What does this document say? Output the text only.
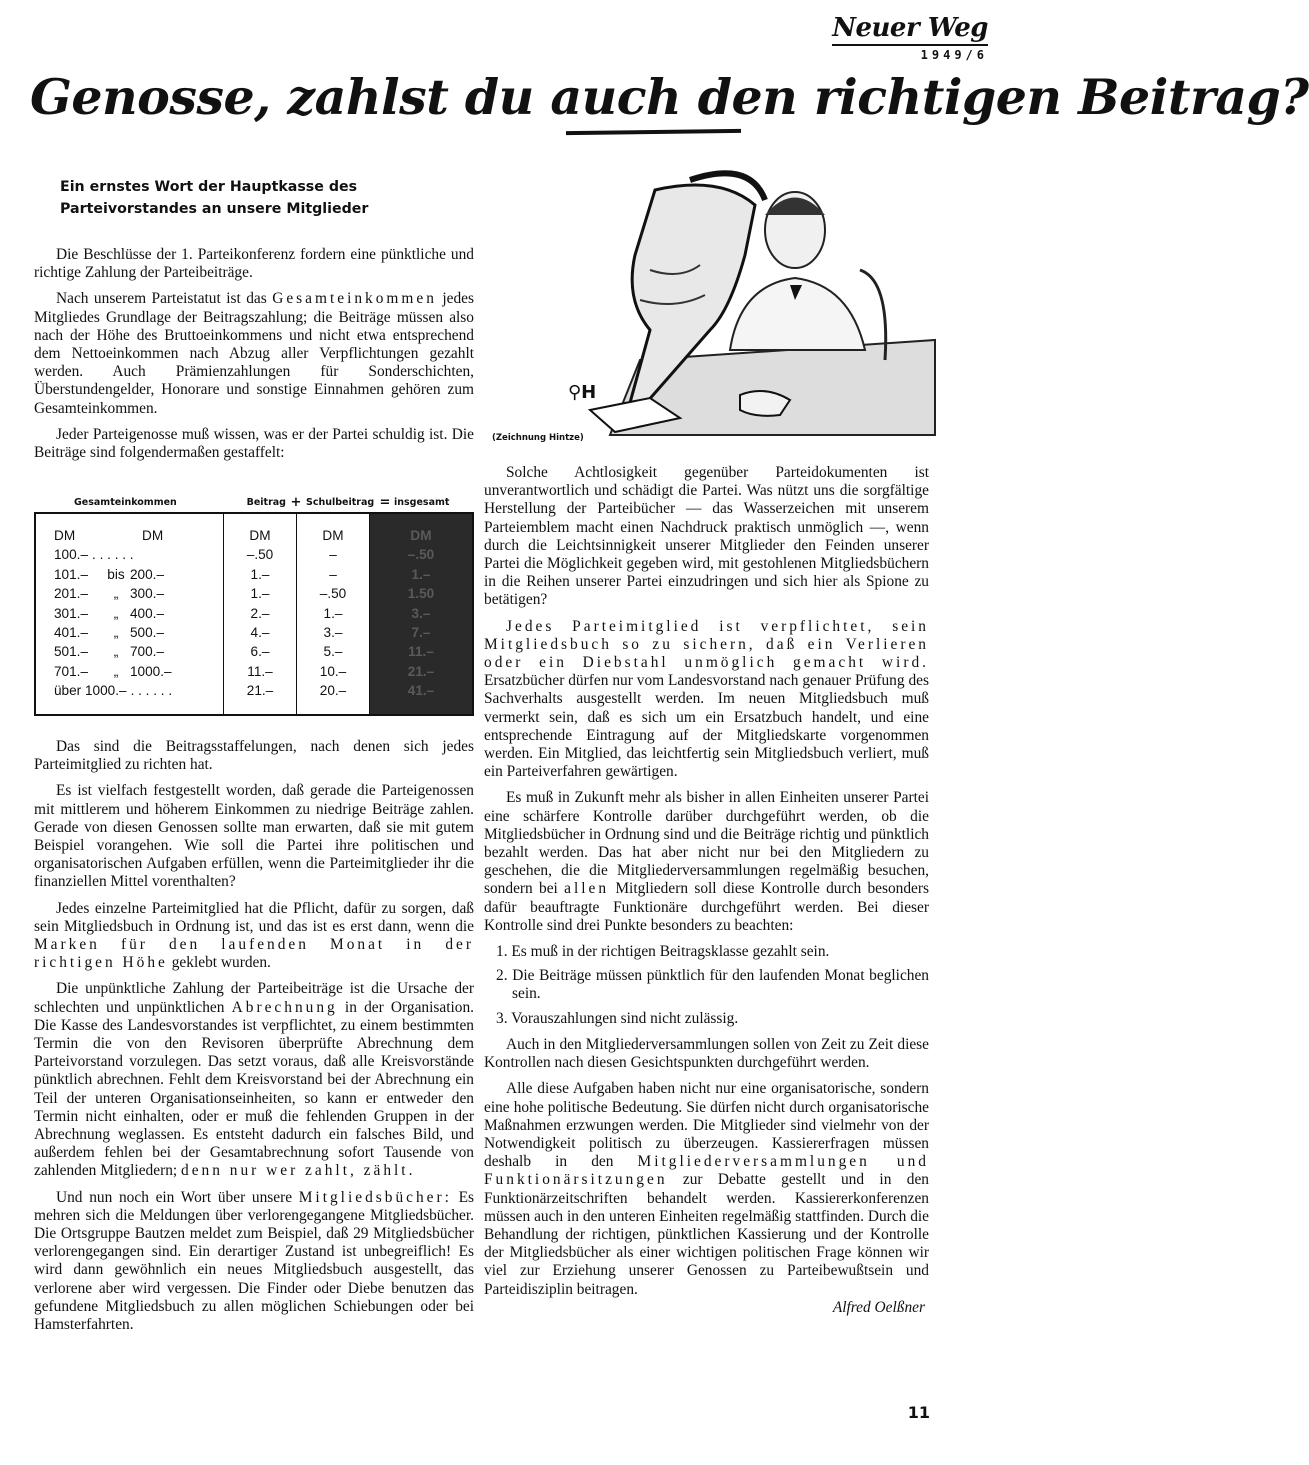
Neuer Weg
1949/6
Genosse, zahlst du auch den richtigen Beitrag?
Ein ernstes Wort der Hauptkasse des Parteivorstandes an unsere Mitglieder

Die Beschlüsse der 1. Parteikonferenz fordern eine pünktliche und richtige Zahlung der Parteibeiträge.

Nach unserem Parteistatut ist das Gesamteinkommen jedes Mitgliedes Grundlage der Beitragszahlung; die Beiträge müssen also nach der Höhe des Bruttoeinkommens und nicht etwa entsprechend dem Nettoeinkommen nach Abzug aller Verpflichtungen gezahlt werden. Auch Prämienzahlungen für Sonderschichten, Überstundengelder, Honorare und sonstige Einnahmen gehören zum Gesamteinkommen.

Jeder Parteigenosse muß wissen, was er der Partei schuldig ist. Die Beiträge sind folgendermaßen gestaffelt:

Gesamteinkommen	Beitrag + Schulbeitrag = insgesamt
DM	DM
100.– . . . . . .
101.– bis 200.–
201.– „ 300.–
301.– „ 400.–
401.– „ 500.–
501.– „ 700.–
701.– „ 1000.–
über 1000.– . . . . . .
DM
–.50
1.–
1.–
2.–
4.–
6.–
11.–
21.–
DM
–
–
–.50
1.–
3.–
5.–
10.–
20.–
DM
–.50
1.–
1.50
3.–
7.–
11.–
21.–
41.–

Das sind die Beitragsstaffelungen, nach denen sich jedes Parteimitglied zu richten hat.

Es ist vielfach festgestellt worden, daß gerade die Parteigenossen mit mittlerem und höherem Einkommen zu niedrige Beiträge zahlen. Gerade von diesen Genossen sollte man erwarten, daß sie mit gutem Beispiel vorangehen. Wie soll die Partei ihre politischen und organisatorischen Aufgaben erfüllen, wenn die Parteimitglieder ihr die finanziellen Mittel vorenthalten?

Jedes einzelne Parteimitglied hat die Pflicht, dafür zu sorgen, daß sein Mitgliedsbuch in Ordnung ist, und das ist es erst dann, wenn die Marken für den laufenden Monat in der richtigen Höhe geklebt wurden.

Die unpünktliche Zahlung der Parteibeiträge ist die Ursache der schlechten und unpünktlichen Abrechnung in der Organisation. Die Kasse des Landesvorstandes ist verpflichtet, zu einem bestimmten Termin die von den Revisoren überprüfte Abrechnung dem Parteivorstand vorzulegen. Das setzt voraus, daß alle Kreisvorstände pünktlich abrechnen. Fehlt dem Kreisvorstand bei der Abrechnung ein Teil der unteren Organisationseinheiten, so kann er entweder den Termin nicht einhalten, oder er muß die fehlenden Gruppen in der Abrechnung weglassen. Es entsteht dadurch ein falsches Bild, und außerdem fehlen bei der Gesamtabrechnung sofort Tausende von zahlenden Mitgliedern; denn nur wer zahlt, zählt.

Und nun noch ein Wort über unsere Mitgliedsbücher: Es mehren sich die Meldungen über verlorengegangene Mitgliedsbücher. Die Ortsgruppe Bautzen meldet zum Beispiel, daß 29 Mitgliedsbücher verlorengegangen sind. Ein derartiger Zustand ist unbegreiflich! Es wird dann gewöhnlich ein neues Mitgliedsbuch ausgestellt, das verlorene aber wird vergessen. Die Finder oder Diebe benutzen das gefundene Mitgliedsbuch zu allen möglichen Schiebungen oder bei Hamsterfahrten.

⚲H
(Zeichnung Hintze)

Solche Achtlosigkeit gegenüber Parteidokumenten ist unverantwortlich und schädigt die Partei. Was nützt uns die sorgfältige Herstellung der Parteibücher — das Wasserzeichen mit unserem Parteiemblem macht einen Nachdruck praktisch unmöglich —, wenn durch die Leichtsinnigkeit unserer Mitglieder den Feinden unserer Partei die Möglichkeit gegeben wird, mit gestohlenen Mitgliedsbüchern in die Reihen unserer Partei einzudringen und sich hier als Spione zu betätigen?

Jedes Parteimitglied ist verpflichtet, sein Mitgliedsbuch so zu sichern, daß ein Verlieren oder ein Diebstahl unmöglich gemacht wird. Ersatzbücher dürfen nur vom Landesvorstand nach genauer Prüfung des Sachverhalts ausgestellt werden. Im neuen Mitgliedsbuch muß vermerkt sein, daß es sich um ein Ersatzbuch handelt, und eine entsprechende Eintragung auf der Mitgliedskarte vorgenommen werden. Ein Mitglied, das leichtfertig sein Mitgliedsbuch verliert, muß ein Parteiverfahren gewärtigen.

Es muß in Zukunft mehr als bisher in allen Einheiten unserer Partei eine schärfere Kontrolle darüber durchgeführt werden, ob die Mitgliedsbücher in Ordnung sind und die Beiträge richtig und pünktlich bezahlt werden. Das hat aber nicht nur bei den Mitgliedern zu geschehen, die die Mitgliederversammlungen regelmäßig besuchen, sondern bei allen Mitgliedern soll diese Kontrolle durch besonders dafür beauftragte Funktionäre durchgeführt werden. Bei dieser Kontrolle sind drei Punkte besonders zu beachten:

1. Es muß in der richtigen Beitragsklasse gezahlt sein.
2. Die Beiträge müssen pünktlich für den laufenden Monat beglichen sein.
3. Vorauszahlungen sind nicht zulässig.

Auch in den Mitgliederversammlungen sollen von Zeit zu Zeit diese Kontrollen nach diesen Gesichtspunkten durchgeführt werden.

Alle diese Aufgaben haben nicht nur eine organisatorische, sondern eine hohe politische Bedeutung. Sie dürfen nicht durch organisatorische Maßnahmen erzwungen werden. Die Mitglieder sind vielmehr von der Notwendigkeit politisch zu überzeugen. Kassiererfragen müssen deshalb in den Mitgliederversammlungen und Funktionärsitzungen zur Debatte gestellt und in den Funktionärzeitschriften behandelt werden. Kassiererkonferenzen müssen auch in den unteren Einheiten regelmäßig stattfinden. Durch die Behandlung der richtigen, pünktlichen Kassierung und der Kontrolle der Mitgliedsbücher als einer wichtigen politischen Frage können wir viel zur Erziehung unserer Genossen zu Parteibewußtsein und Parteidisziplin beitragen.

Alfred Oelßner
11
